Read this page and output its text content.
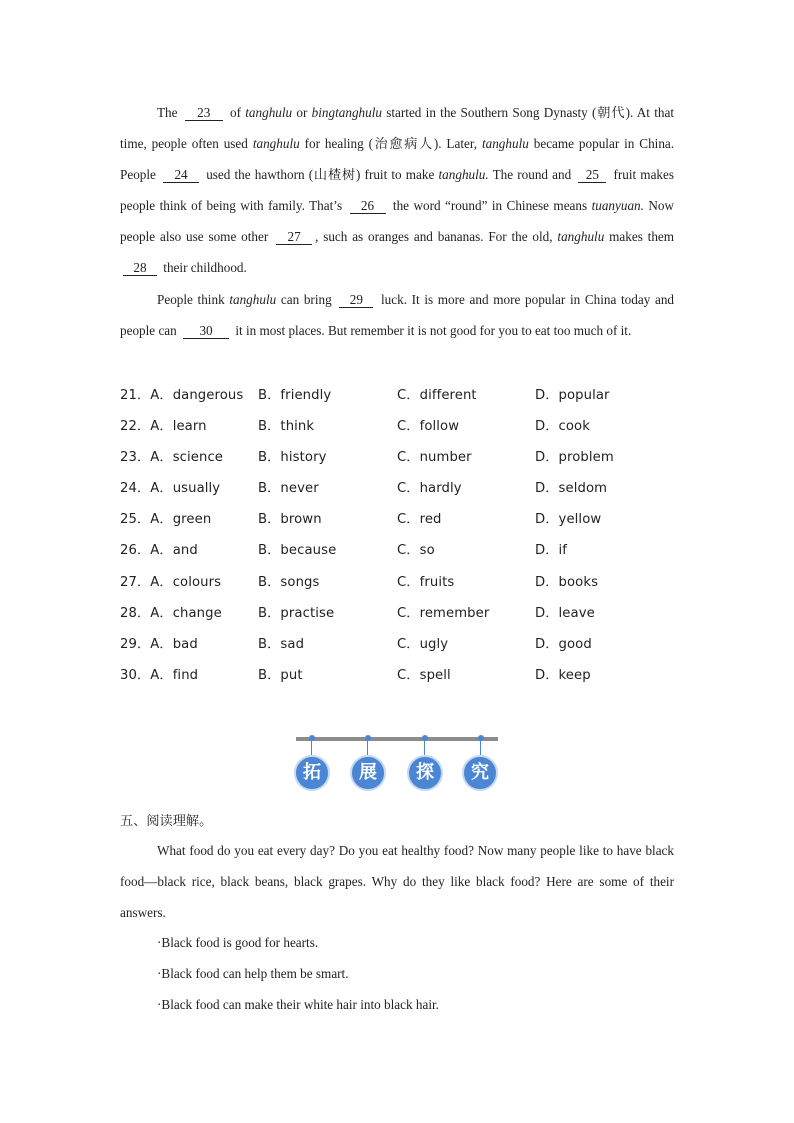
The 23 of tanghulu or bingtanghulu started in the Southern Song Dynasty (朝代). At that time, people often used tanghulu for healing (治愈病人). Later, tanghulu became popular in China. People 24 used the hawthorn (山楂树) fruit to make tanghulu. The round and 25 fruit makes people think of being with family. That’s 26 the word “round” in Chinese means tuanyuan. Now people also use some other 27 , such as oranges and bananas. For the old, tanghulu makes them 28 their childhood.
People think tanghulu can bring 29 luck. It is more and more popular in China today and people can 30 it in most places. But remember it is not good for you to eat too much of it.
21．A．dangerous B．friendly	C．different	D．popular
22．A．learn	B．think	C．follow	D．cook
23．A．science	B．history	C．number	D．problem
24．A．usually	B．never	C．hardly	D．seldom
25．A．green	B．brown	C．red	D．yellow
26．A．and	B．because	C．so	D．if
27．A．colours	B．songs	C．fruits	D．books
28．A．change	B．practise	C．remember	D．leave
29．A．bad	B．sad	C．ugly	D．good
30．A．find	B．put	C．spell	D．keep
拓	展	探	究
五、阅读理解。
What food do you eat every day? Do you eat healthy food? Now many people like to have black food—black rice, black beans, black grapes. Why do they like black food? Here are some of their answers.
·Black food is good for hearts.
·Black food can help them be smart.
·Black food can make their white hair into black hair.
